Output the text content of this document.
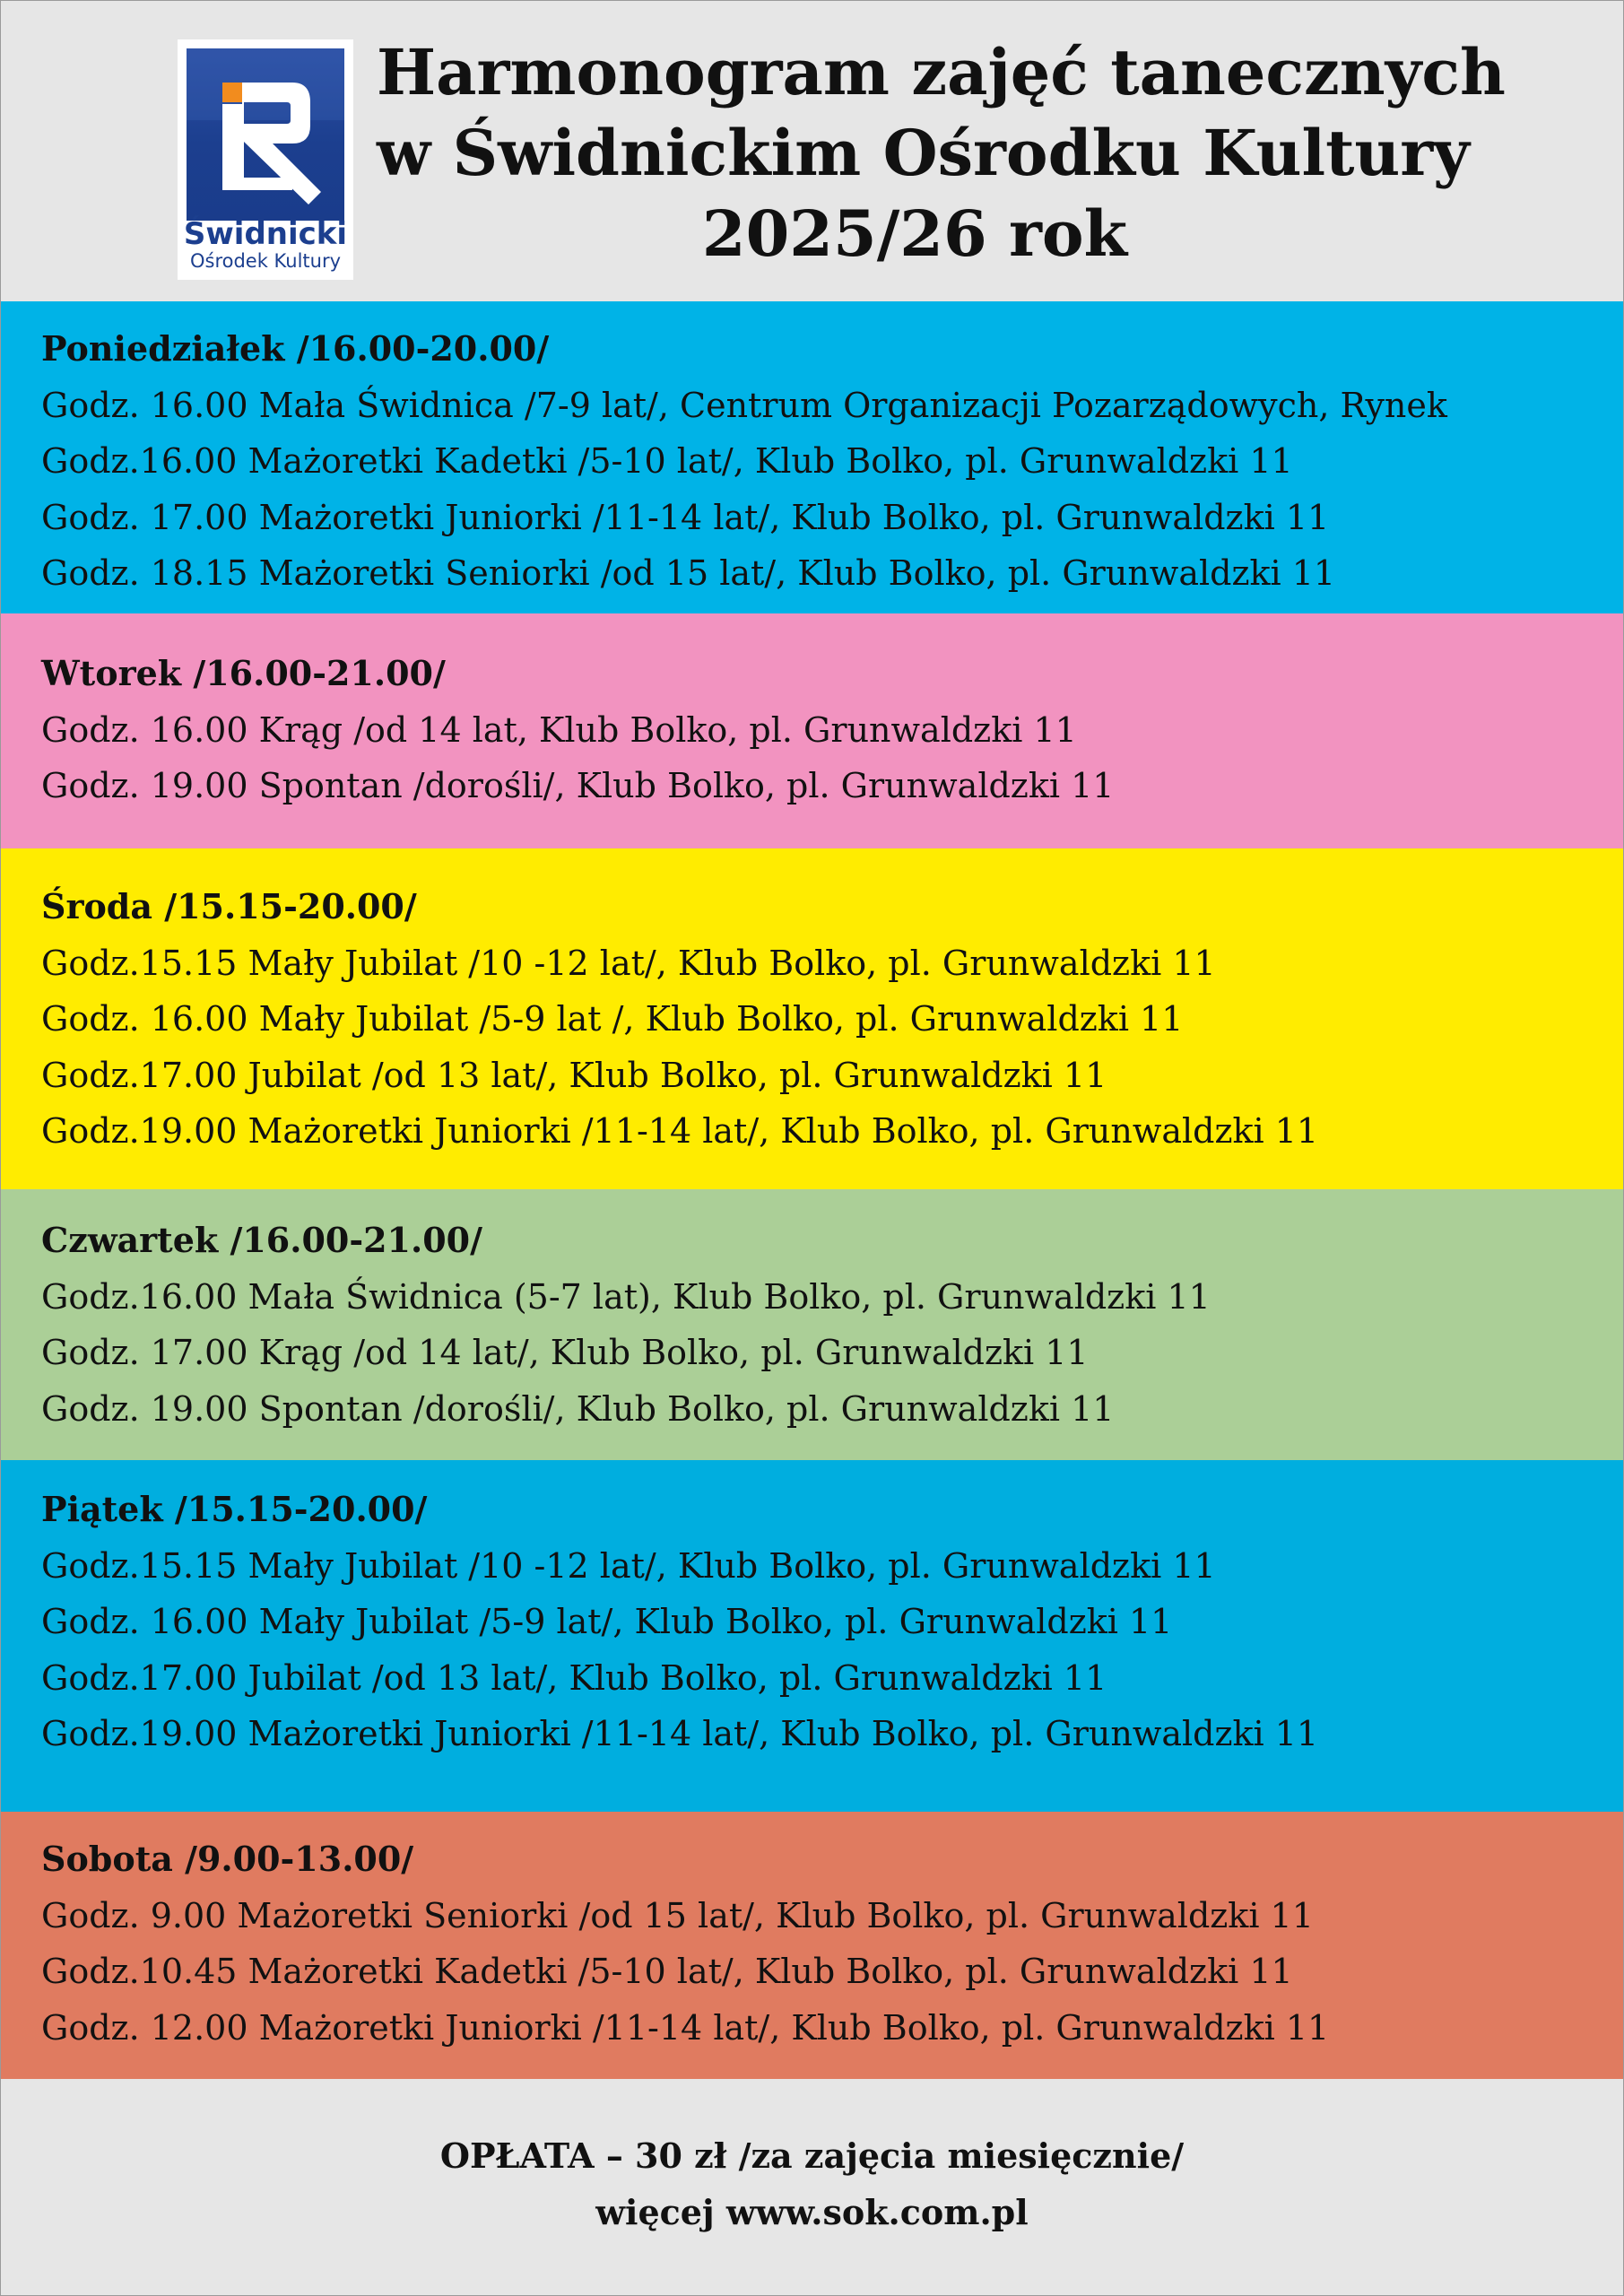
Świdnicki
Ośrodek Kultury
Harmonogram zajęć tanecznych
w Świdnickim Ośrodku Kultury
2025/26 rok
Poniedziałek /16.00-20.00/
Godz. 16.00 Mała Świdnica /7-9 lat/, Centrum Organizacji Pozarządowych, Rynek
Godz.16.00 Mażoretki Kadetki /5-10 lat/, Klub Bolko, pl. Grunwaldzki 11
Godz. 17.00 Mażoretki Juniorki /11-14 lat/, Klub Bolko, pl. Grunwaldzki 11
Godz. 18.15 Mażoretki Seniorki /od 15 lat/, Klub Bolko, pl. Grunwaldzki 11
Wtorek /16.00-21.00/
Godz. 16.00 Krąg /od 14 lat, Klub Bolko, pl. Grunwaldzki 11
Godz. 19.00 Spontan /dorośli/, Klub Bolko, pl. Grunwaldzki 11
Środa /15.15-20.00/
Godz.15.15 Mały Jubilat /10 -12 lat/, Klub Bolko, pl. Grunwaldzki 11
Godz. 16.00 Mały Jubilat /5-9 lat /, Klub Bolko, pl. Grunwaldzki 11
Godz.17.00 Jubilat /od 13 lat/, Klub Bolko, pl. Grunwaldzki 11
Godz.19.00 Mażoretki Juniorki /11-14 lat/, Klub Bolko, pl. Grunwaldzki 11
Czwartek /16.00-21.00/
Godz.16.00 Mała Świdnica (5-7 lat), Klub Bolko, pl. Grunwaldzki 11
Godz. 17.00 Krąg /od 14 lat/, Klub Bolko, pl. Grunwaldzki 11
Godz. 19.00 Spontan /dorośli/, Klub Bolko, pl. Grunwaldzki 11
Piątek /15.15-20.00/
Godz.15.15 Mały Jubilat /10 -12 lat/, Klub Bolko, pl. Grunwaldzki 11
Godz. 16.00 Mały Jubilat /5-9 lat/, Klub Bolko, pl. Grunwaldzki 11
Godz.17.00 Jubilat /od 13 lat/, Klub Bolko, pl. Grunwaldzki 11
Godz.19.00 Mażoretki Juniorki /11-14 lat/, Klub Bolko, pl. Grunwaldzki 11
Sobota /9.00-13.00/
Godz. 9.00 Mażoretki Seniorki /od 15 lat/, Klub Bolko, pl. Grunwaldzki 11
Godz.10.45 Mażoretki Kadetki /5-10 lat/, Klub Bolko, pl. Grunwaldzki 11
Godz. 12.00 Mażoretki Juniorki /11-14 lat/, Klub Bolko, pl. Grunwaldzki 11
OPŁATA – 30 zł /za zajęcia miesięcznie/
więcej www.sok.com.pl
